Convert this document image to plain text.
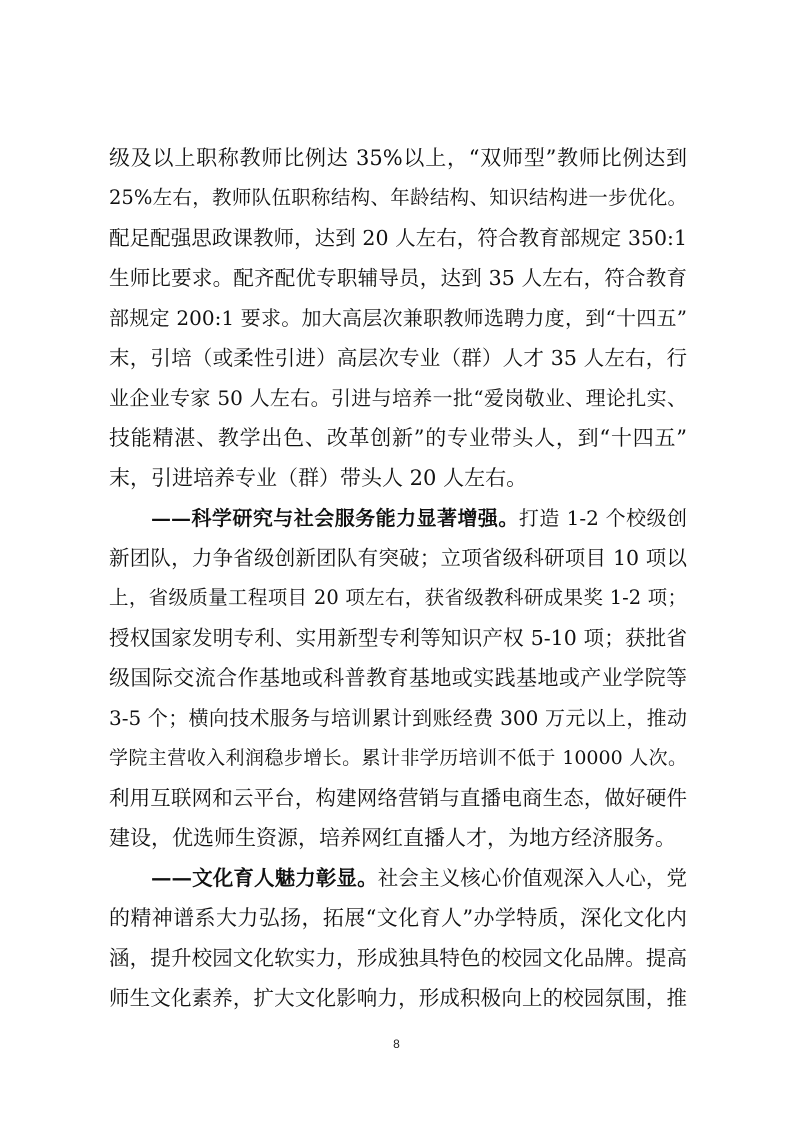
级及以上职称教师比例达 35%以上，“双师型”教师比例达到
25%左右，教师队伍职称结构、年龄结构、知识结构进一步优化。
配足配强思政课教师，达到 20 人左右，符合教育部规定 350:1
生师比要求。配齐配优专职辅导员，达到 35 人左右，符合教育
部规定 200:1 要求。加大高层次兼职教师选聘力度，到“十四五”
末，引培（或柔性引进）高层次专业（群）人才 35 人左右，行
业企业专家 50 人左右。引进与培养一批“爱岗敬业、理论扎实、
技能精湛、教学出色、改革创新”的专业带头人，到“十四五”
末，引进培养专业（群）带头人 20 人左右。
——科学研究与社会服务能力显著增强。打造 1-2 个校级创
新团队，力争省级创新团队有突破；立项省级科研项目 10 项以
上，省级质量工程项目 20 项左右，获省级教科研成果奖 1-2 项；
授权国家发明专利、实用新型专利等知识产权 5-10 项；获批省
级国际交流合作基地或科普教育基地或实践基地或产业学院等
3-5 个；横向技术服务与培训累计到账经费 300 万元以上，推动
学院主营收入利润稳步增长。累计非学历培训不低于 10000 人次。
利用互联网和云平台，构建网络营销与直播电商生态，做好硬件
建设，优选师生资源，培养网红直播人才，为地方经济服务。
——文化育人魅力彰显。社会主义核心价值观深入人心，党
的精神谱系大力弘扬，拓展“文化育人”办学特质，深化文化内
涵，提升校园文化软实力，形成独具特色的校园文化品牌。提高
师生文化素养，扩大文化影响力，形成积极向上的校园氛围，推
8
